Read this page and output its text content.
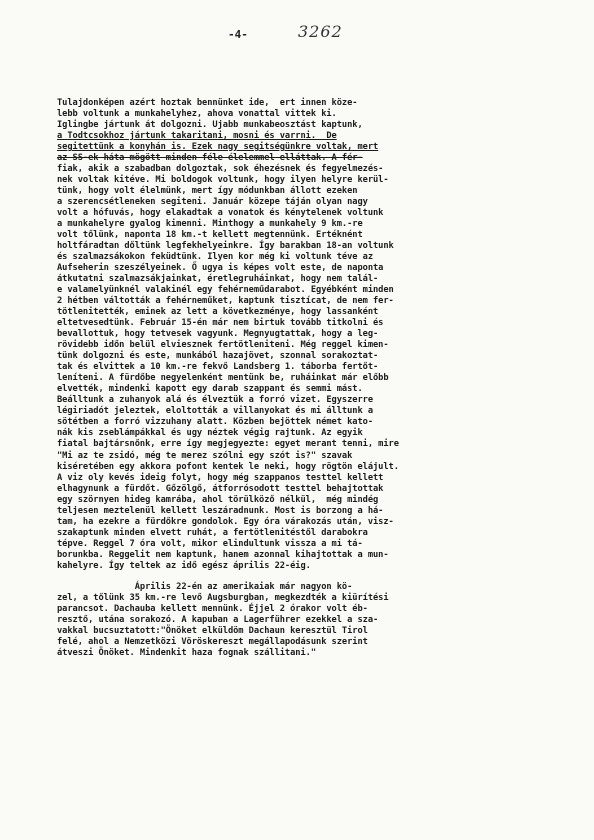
-4-	3262
Tulajdonképen azért hoztak bennünket ide,  ert innen köze-
lebb voltunk a munkahelyhez, ahova vonattal vittek ki.
Iglingbe jártunk át dolgozni. Ujabb munkabeosztást kaptunk,
a Todtcsokhoz jártunk takaritani, mosni és varrni.  De
segitettünk a konyhán is. Ezek nagy segitségünkre voltak, mert
az SS-ek háta mögött minden féle élelemmel elláttak. A fér-
fiak, akik a szabadban dolgoztak, sok éhezésnek és fegyelmezés-
nek voltak kitéve. Mi boldogok voltunk, hogy ilyen helyre kerül-
tünk, hogy volt élelmünk, mert így módunkban állott ezeken
a szerencsétleneken segiteni. Január közepe táján olyan nagy
volt a hófuvás, hogy elakadtak a vonatok és kénytelenek voltunk
a munkahelyre gyalog kimenni. Minthogy a munkahely 9 km.-re
volt tőlünk, naponta 18 km.-t kellett megtennünk. Ertéknént
holtfáradtan dőltünk legfekhelyeinkre. Így barakban 18-an voltunk
és szalmazsákokon feküdtünk. Ilyen kor még ki voltunk téve az
Aufseherin szeszélyeinek. Ő ugya is képes volt este, de naponta
átkutatni szalmazsákjainkat, éretlegruháinkat, hogy nem talál-
e valamelyünknél valakinél egy fehérneműdarabot. Egyébként minden
2 hétben váltották a fehérneműket, kaptunk tisztícat, de nem fer-
tötlenitették, eminek az lett a következménye, hogy lassanként
eltetvesedtünk. Február 15-én már nem birtuk tovább titkolni és
bevallottuk, hogy tetvesek vagyunk. Megnyugtattak, hogy a leg-
rövidebb időn belül elviesznek fertötleniteni. Még reggel kimen-
tünk dolgozni és este, munkából hazajövet, szonnal sorakoztat-
tak és elvittek a 10 km.-re fekvő Landsberg 1. táborba fertőt-
leníteni. A fürdőbe negyelenként mentünk be, ruháinkat már előbb
elvették, mindenki kapott egy darab szappant és semmi mást.
Beálltunk a zuhanyok alá és élveztük a forró vizet. Egyszerre
légiriadót jeleztek, eloltották a villanyokat és mi álltunk a
sötétben a forró vizzuhany alatt. Közben bejöttek német kato-
nák kis zseblámpákkal és ugy néztek végig rajtunk. Az egyik
fiatal bajtársnőnk, erre így megjegyezte: egyet merant tenni, mire
"Mi az te zsidó, még te merez szólni egy szót is?" szavak
kiséretében egy akkora pofont kentek le neki, hogy rögtön elájult.
A viz oly kevés ideig folyt, hogy még szappanos testtel kellett
elhagynunk a fürdőt. Gőzölgő, átforrósodott testtel behajtottak
egy szörnyen hideg kamrába, ahol törülköző nélkül,  még mindég
teljesen meztelenül kellett leszáradnunk. Most is borzong a há-
tam, ha ezekre a fürdőkre gondolok. Egy óra várakozás után, visz-
szakaptunk minden elvett ruhát, a fertötlenitéstől darabokra
tépve. Reggel 7 óra volt, mikor elindultunk vissza a mi tá-
borunkba. Reggelit nem kaptunk, hanem azonnal kihajtottak a mun-
kahelyre. Így teltek az idő egész április 22-éig.
Április 22-én az amerikaiak már nagyon kö-
zel, a tőlünk 35 km.-re levő Augsburgban, megkezdték a kiürítési
parancsot. Dachauba kellett mennünk. Éjjel 2 órakor volt éb-
resztő, utána sorakozó. A kapuban a Lagerführer ezekkel a sza-
vakkal bucsuztatott:"Önöket elküldöm Dachaun keresztül Tirol
felé, ahol a Nemzetközi Vöröskereszt megállapodásunk szerint
átveszi Önöket. Mindenkit haza fognak szállitani."
